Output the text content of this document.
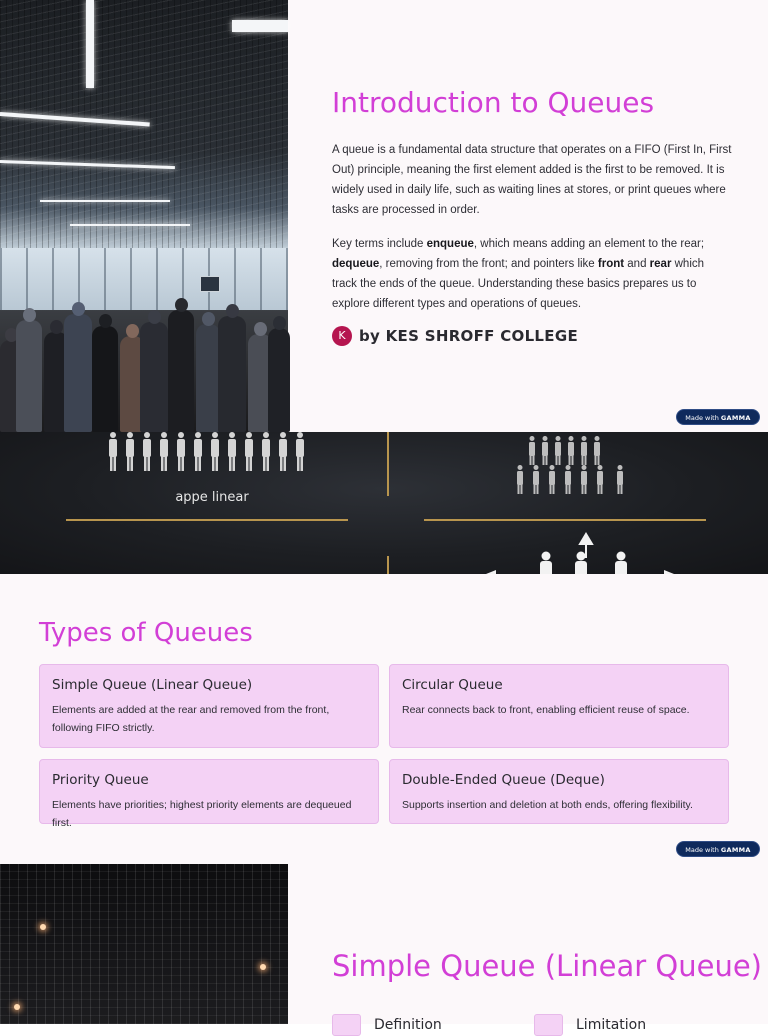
Introduction to Queues

A queue is a fundamental data structure that operates on a FIFO (First In, First Out) principle, meaning the first element added is the first to be removed. It is widely used in daily life, such as waiting lines at stores, or print queues where tasks are processed in order.

Key terms include enqueue, which means adding an element to the rear; dequeue, removing from the front; and pointers like front and rear which track the ends of the queue. Understanding these basics prepares us to explore different types and operations of queues.

K by KES SHROFF COLLEGE
Made with GAMMA
appe linear
Types of Queues

Simple Queue (Linear Queue)

Elements are added at the rear and removed from the front, following FIFO strictly.

Circular Queue

Rear connects back to front, enabling efficient reuse of space.

Priority Queue

Elements have priorities; highest priority elements are dequeued first.

Double-Ended Queue (Deque)

Supports insertion and deletion at both ends, offering flexibility.

Made with GAMMA
Simple Queue (Linear Queue)
Definition	Limitation
